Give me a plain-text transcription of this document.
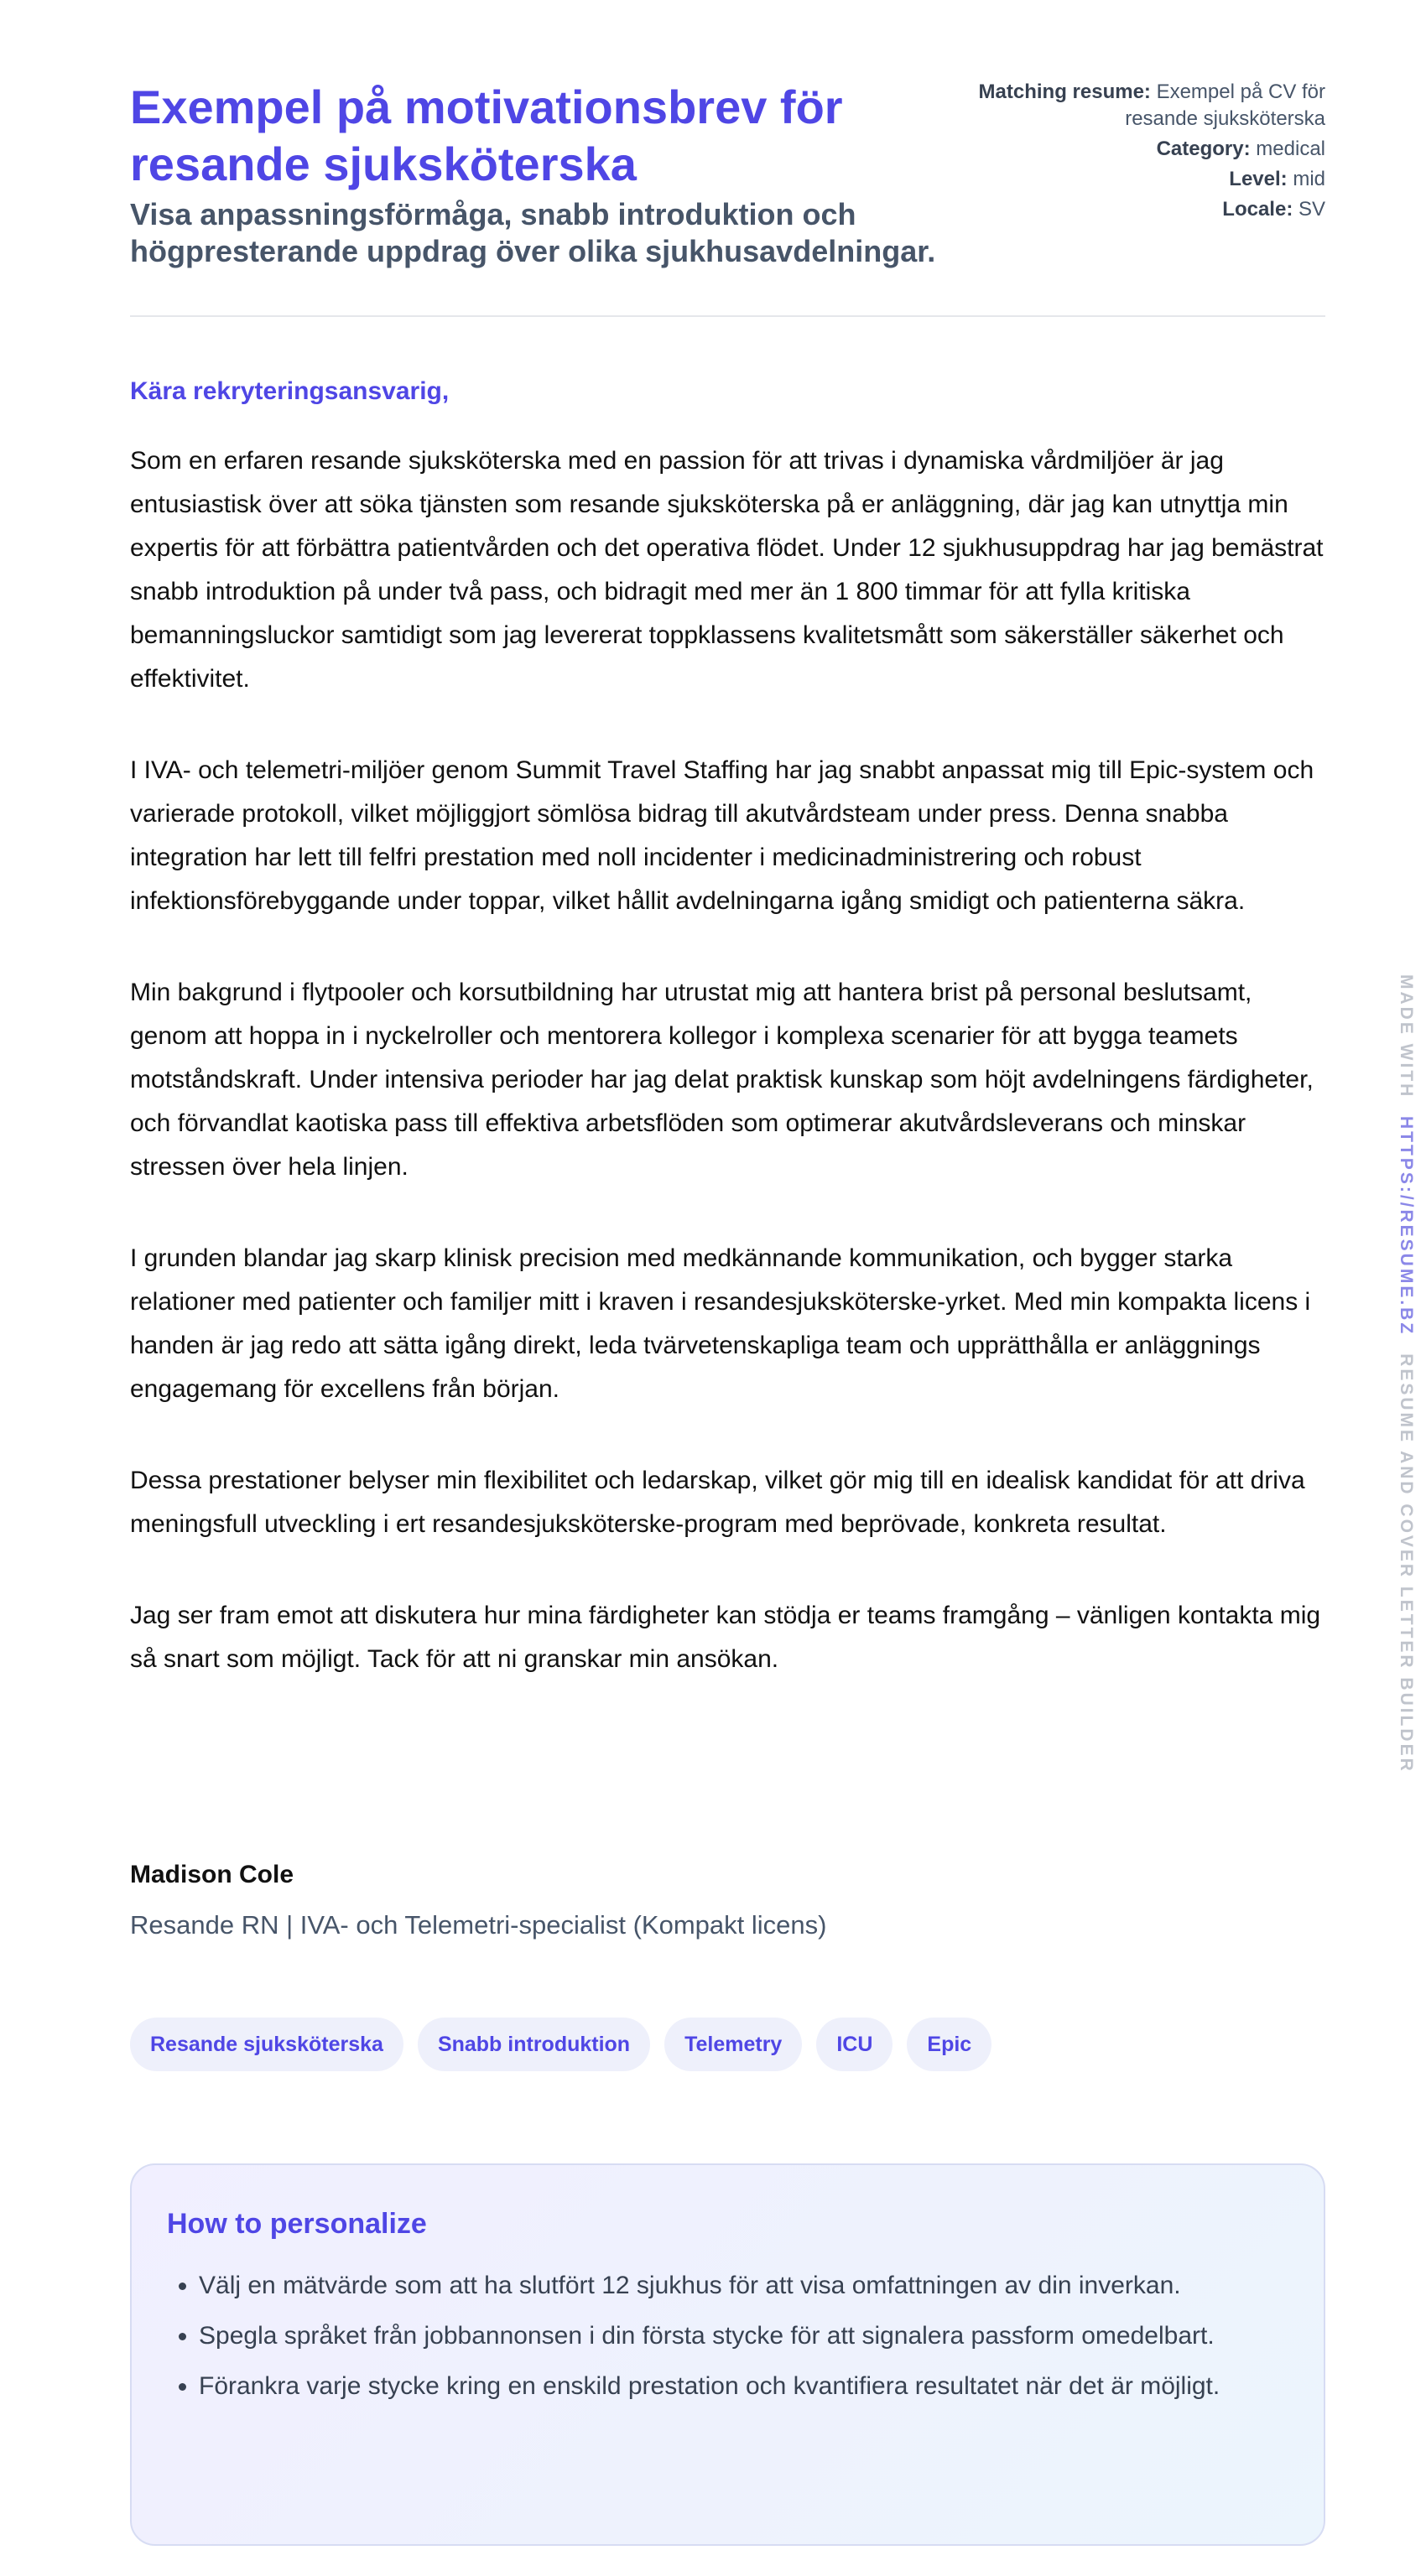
Exempel på motivationsbrev för resande sjuksköterska
Visa anpassningsförmåga, snabb introduktion och högpresterande uppdrag över olika sjukhusavdelningar.
Matching resume: Exempel på CV för resande sjuksköterska
Category: medical
Level: mid
Locale: SV

Kära rekryteringsansvarig,

Som en erfaren resande sjuksköterska med en passion för att trivas i dynamiska vårdmiljöer är jag entusiastisk över att söka tjänsten som resande sjuksköterska på er anläggning, där jag kan utnyttja min expertis för att förbättra patientvården och det operativa flödet. Under 12 sjukhusuppdrag har jag bemästrat snabb introduktion på under två pass, och bidragit med mer än 1 800 timmar för att fylla kritiska bemanningsluckor samtidigt som jag levererat toppklassens kvalitetsmått som säkerställer säkerhet och effektivitet.

I IVA- och telemetri-miljöer genom Summit Travel Staffing har jag snabbt anpassat mig till Epic-system och varierade protokoll, vilket möjliggjort sömlösa bidrag till akutvårdsteam under press. Denna snabba integration har lett till felfri prestation med noll incidenter i medicinadministrering och robust infektionsförebyggande under toppar, vilket hållit avdelningarna igång smidigt och patienterna säkra.

Min bakgrund i flytpooler och korsutbildning har utrustat mig att hantera brist på personal beslutsamt, genom att hoppa in i nyckelroller och mentorera kollegor i komplexa scenarier för att bygga teamets motståndskraft. Under intensiva perioder har jag delat praktisk kunskap som höjt avdelningens färdigheter, och förvandlat kaotiska pass till effektiva arbetsflöden som optimerar akutvårdsleverans och minskar stressen över hela linjen.

I grunden blandar jag skarp klinisk precision med medkännande kommunikation, och bygger starka relationer med patienter och familjer mitt i kraven i resandesjuksköterske-yrket. Med min kompakta licens i handen är jag redo att sätta igång direkt, leda tvärvetenskapliga team och upprätthålla er anläggnings engagemang för excellens från början.

Dessa prestationer belyser min flexibilitet och ledarskap, vilket gör mig till en idealisk kandidat för att driva meningsfull utveckling i ert resandesjuksköterske-program med beprövade, konkreta resultat.

Jag ser fram emot att diskutera hur mina färdigheter kan stödja er teams framgång – vänligen kontakta mig så snart som möjligt. Tack för att ni granskar min ansökan.

Madison Cole

Resande RN | IVA- och Telemetri-specialist (Kompakt licens)

Resande sjuksköterska	Snabb introduktion	Telemetry	ICU	Epic
How to personalize
• Välj en mätvärde som att ha slutfört 12 sjukhus för att visa omfattningen av din inverkan.
• Spegla språket från jobbannonsen i din första stycke för att signalera passform omedelbart.
• Förankra varje stycke kring en enskild prestation och kvantifiera resultatet när det är möjligt.
MADE WITH HTTPS://RESUME.BZ RESUME AND COVER LETTER BUILDER
